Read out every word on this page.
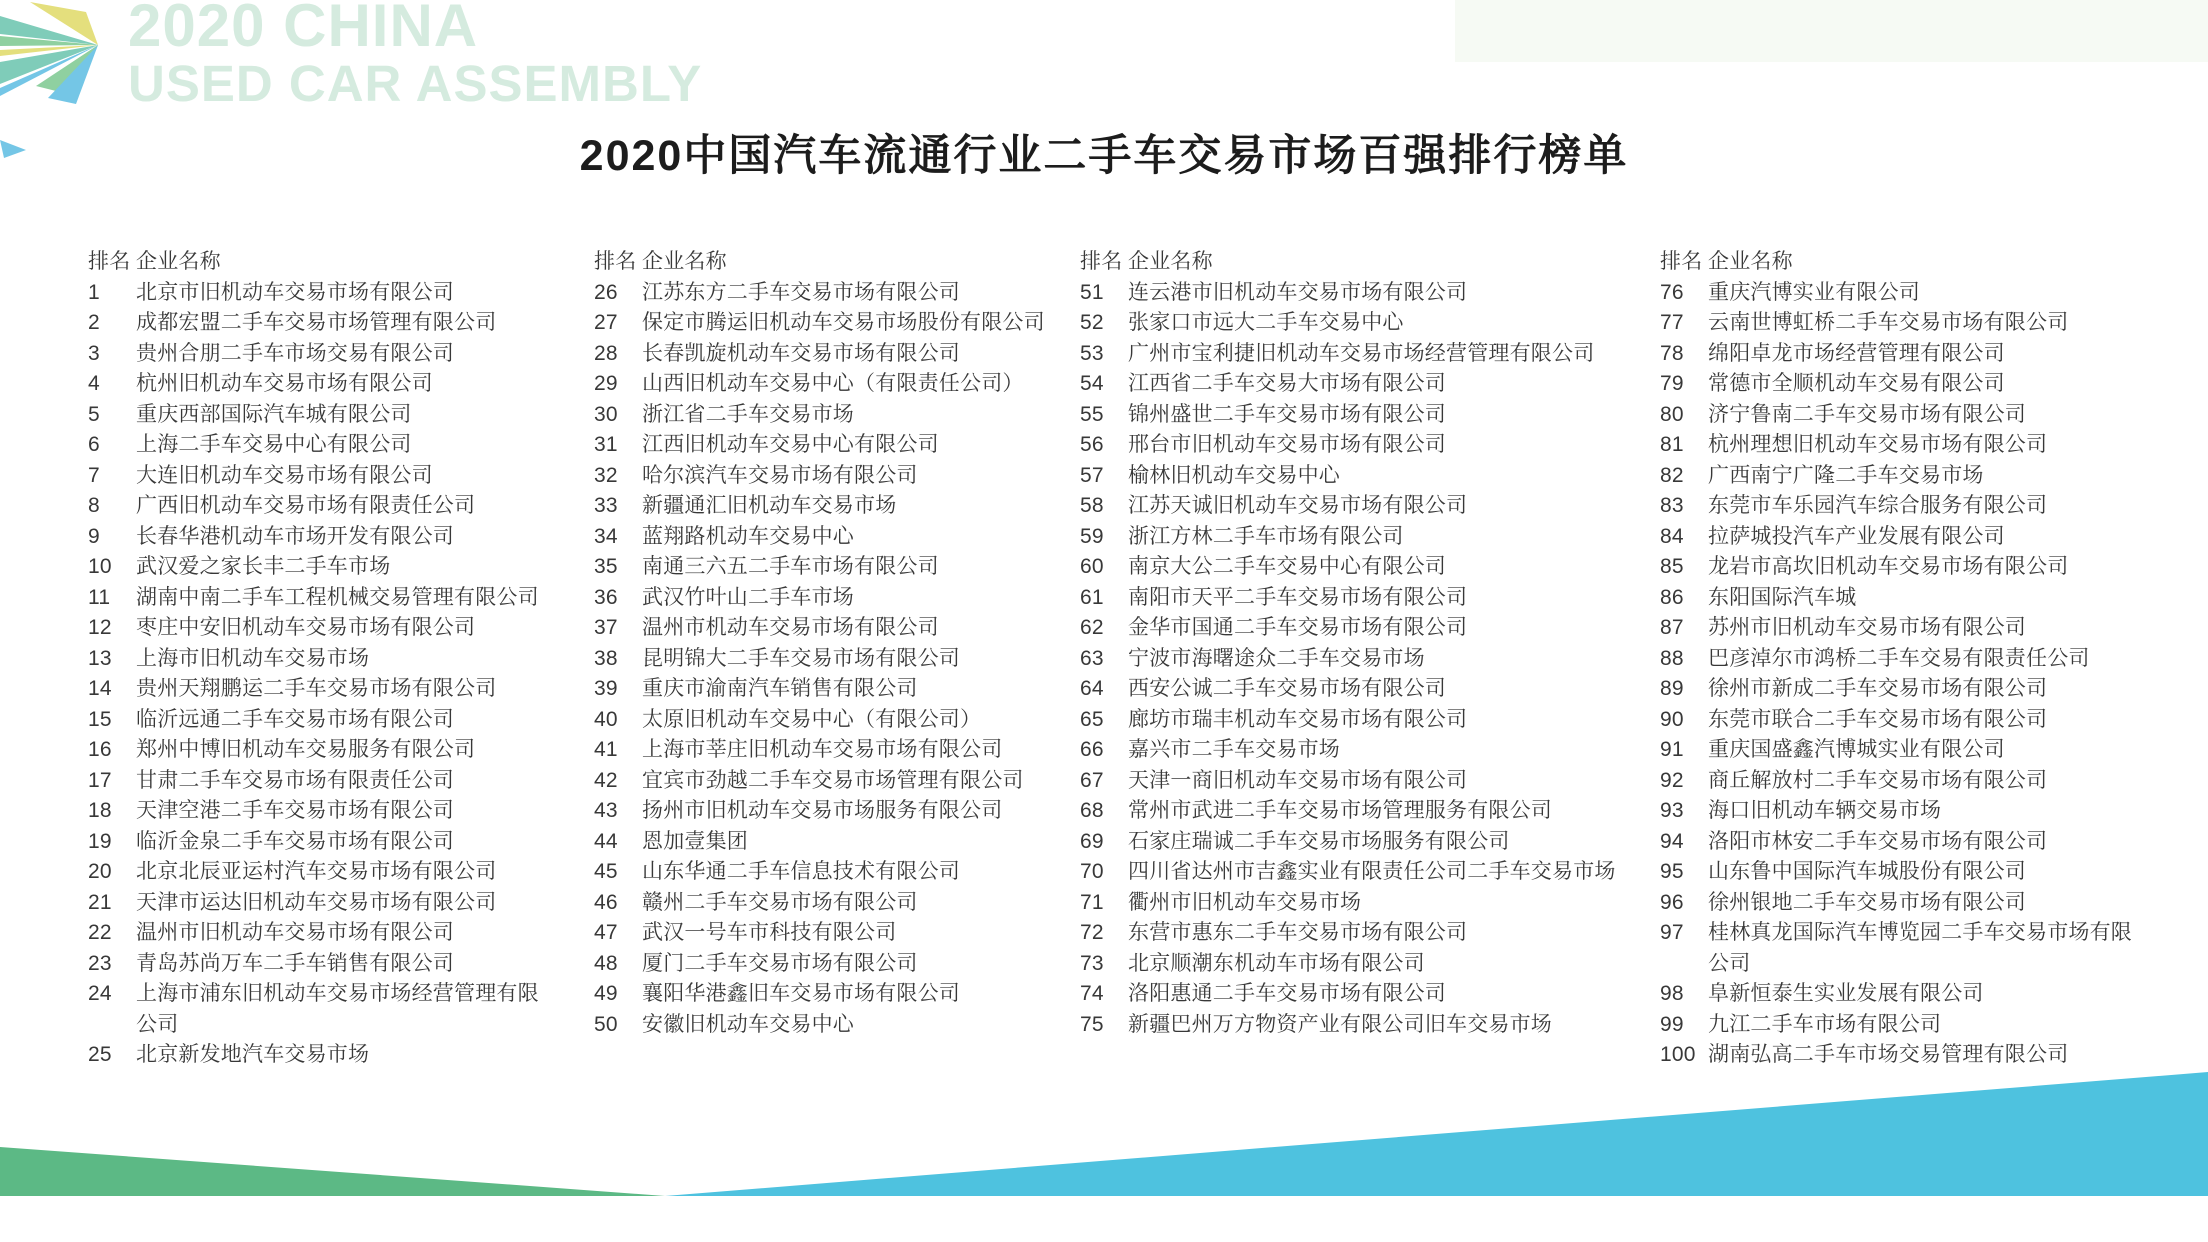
2020 CHINA
USED CAR ASSEMBLY
2020中国汽车流通行业二手车交易市场百强排行榜单
排名 企业名称
1	北京市旧机动车交易市场有限公司
2	成都宏盟二手车交易市场管理有限公司
3	贵州合朋二手车市场交易有限公司
4	杭州旧机动车交易市场有限公司
5	重庆西部国际汽车城有限公司
6	上海二手车交易中心有限公司
7	大连旧机动车交易市场有限公司
8	广西旧机动车交易市场有限责任公司
9	长春华港机动车市场开发有限公司
10	武汉爱之家长丰二手车市场
11	湖南中南二手车工程机械交易管理有限公司
12	枣庄中安旧机动车交易市场有限公司
13	上海市旧机动车交易市场
14	贵州天翔鹏运二手车交易市场有限公司
15	临沂远通二手车交易市场有限公司
16	郑州中博旧机动车交易服务有限公司
17	甘肃二手车交易市场有限责任公司
18	天津空港二手车交易市场有限公司
19	临沂金泉二手车交易市场有限公司
20	北京北辰亚运村汽车交易市场有限公司
21	天津市运达旧机动车交易市场有限公司
22	温州市旧机动车交易市场有限公司
23	青岛苏尚万车二手车销售有限公司
24	上海市浦东旧机动车交易市场经营管理有限公司
25	北京新发地汽车交易市场
排名 企业名称
26	江苏东方二手车交易市场有限公司
27	保定市腾运旧机动车交易市场股份有限公司
28	长春凯旋机动车交易市场有限公司
29	山西旧机动车交易中心（有限责任公司）
30	浙江省二手车交易市场
31	江西旧机动车交易中心有限公司
32	哈尔滨汽车交易市场有限公司
33	新疆通汇旧机动车交易市场
34	蓝翔路机动车交易中心
35	南通三六五二手车市场有限公司
36	武汉竹叶山二手车市场
37	温州市机动车交易市场有限公司
38	昆明锦大二手车交易市场有限公司
39	重庆市渝南汽车销售有限公司
40	太原旧机动车交易中心（有限公司）
41	上海市莘庄旧机动车交易市场有限公司
42	宜宾市劲越二手车交易市场管理有限公司
43	扬州市旧机动车交易市场服务有限公司
44	恩加壹集团
45	山东华通二手车信息技术有限公司
46	赣州二手车交易市场有限公司
47	武汉一号车市科技有限公司
48	厦门二手车交易市场有限公司
49	襄阳华港鑫旧车交易市场有限公司
50	安徽旧机动车交易中心
排名 企业名称
51	连云港市旧机动车交易市场有限公司
52	张家口市远大二手车交易中心
53	广州市宝利捷旧机动车交易市场经营管理有限公司
54	江西省二手车交易大市场有限公司
55	锦州盛世二手车交易市场有限公司
56	邢台市旧机动车交易市场有限公司
57	榆林旧机动车交易中心
58	江苏天诚旧机动车交易市场有限公司
59	浙江方林二手车市场有限公司
60	南京大公二手车交易中心有限公司
61	南阳市天平二手车交易市场有限公司
62	金华市国通二手车交易市场有限公司
63	宁波市海曙途众二手车交易市场
64	西安公诚二手车交易市场有限公司
65	廊坊市瑞丰机动车交易市场有限公司
66	嘉兴市二手车交易市场
67	天津一商旧机动车交易市场有限公司
68	常州市武进二手车交易市场管理服务有限公司
69	石家庄瑞诚二手车交易市场服务有限公司
70	四川省达州市吉鑫实业有限责任公司二手车交易市场
71	衢州市旧机动车交易市场
72	东营市惠东二手车交易市场有限公司
73	北京顺潮东机动车市场有限公司
74	洛阳惠通二手车交易市场有限公司
75	新疆巴州万方物资产业有限公司旧车交易市场
排名 企业名称
76	重庆汽博实业有限公司
77	云南世博虹桥二手车交易市场有限公司
78	绵阳卓龙市场经营管理有限公司
79	常德市全顺机动车交易有限公司
80	济宁鲁南二手车交易市场有限公司
81	杭州理想旧机动车交易市场有限公司
82	广西南宁广隆二手车交易市场
83	东莞市车乐园汽车综合服务有限公司
84	拉萨城投汽车产业发展有限公司
85	龙岩市高坎旧机动车交易市场有限公司
86	东阳国际汽车城
87	苏州市旧机动车交易市场有限公司
88	巴彦淖尔市鸿桥二手车交易有限责任公司
89	徐州市新成二手车交易市场有限公司
90	东莞市联合二手车交易市场有限公司
91	重庆国盛鑫汽博城实业有限公司
92	商丘解放村二手车交易市场有限公司
93	海口旧机动车辆交易市场
94	洛阳市林安二手车交易市场有限公司
95	山东鲁中国际汽车城股份有限公司
96	徐州银地二手车交易市场有限公司
97	桂林真龙国际汽车博览园二手车交易市场有限公司
98	阜新恒泰生实业发展有限公司
99	九江二手车市场有限公司
100 湖南弘高二手车市场交易管理有限公司
